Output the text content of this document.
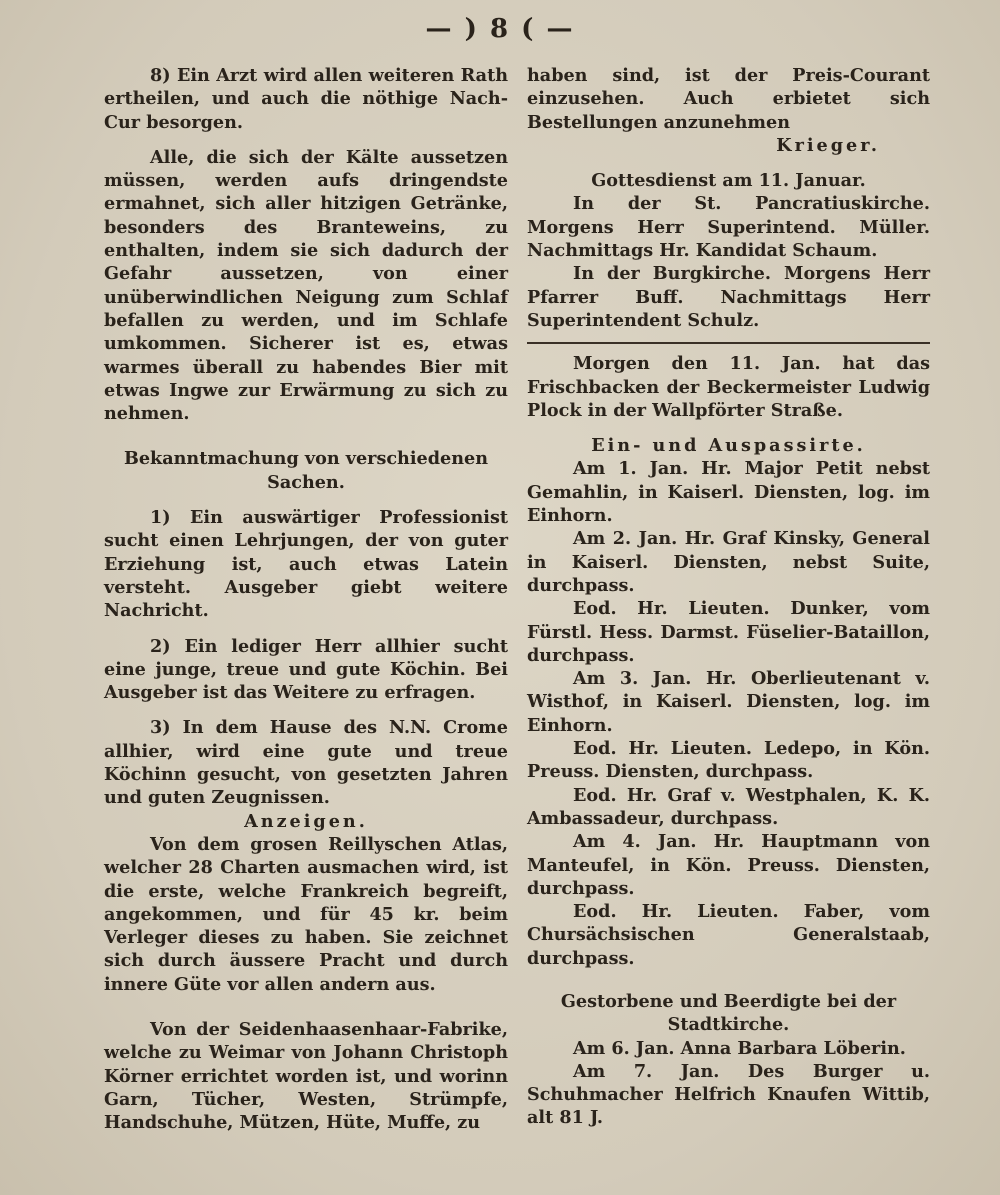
— ) 8 ( —

8) Ein Arzt wird allen weiteren Rath ertheilen, und auch die nöthige Nach-Cur besorgen.

Alle, die sich der Kälte aussetzen müssen, werden aufs dringendste ermahnet, sich aller hitzigen Getränke, besonders des Branteweins, zu enthalten, indem sie sich dadurch der Gefahr aussetzen, von einer unüberwindlichen Neigung zum Schlaf befallen zu werden, und im Schlafe umkommen. Sicherer ist es, etwas warmes überall zu habendes Bier mit etwas Ingwe zur Erwärmung zu sich zu nehmen.

Bekanntmachung von verschiedenen

Sachen.

1) Ein auswärtiger Professionist sucht einen Lehrjungen, der von guter Erziehung ist, auch etwas Latein versteht. Ausgeber giebt weitere Nachricht.

2) Ein lediger Herr allhier sucht eine junge, treue und gute Köchin. Bei Ausgeber ist das Weitere zu erfragen.

3) In dem Hause des N.N. Crome allhier, wird eine gute und treue Köchinn gesucht, von gesetzten Jahren und guten Zeugnissen.

Anzeigen.

Von dem grosen Reillyschen Atlas, welcher 28 Charten ausmachen wird, ist die erste, welche Frankreich begreift, angekommen, und für 45 kr. beim Verleger dieses zu haben. Sie zeichnet sich durch äussere Pracht und durch innere Güte vor allen andern aus.

Von der Seidenhaasenhaar-Fabrike, welche zu Weimar von Johann Christoph Körner errichtet worden ist, und worinn Garn, Tücher, Westen, Strümpfe, Handschuhe, Mützen, Hüte, Muffe, zu

haben sind, ist der Preis-Courant einzusehen. Auch erbietet sich Bestellungen anzunehmen

Krieger.

Gottesdienst am 11. Januar.

In der St. Pancratiuskirche. Morgens Herr Superintend. Müller. Nachmittags Hr. Kandidat Schaum.

In der Burgkirche. Morgens Herr Pfarrer Buff. Nachmittags Herr Superintendent Schulz.

Morgen den 11. Jan. hat das Frischbacken der Beckermeister Ludwig Plock in der Wallpförter Straße.

Ein- und Auspassirte.

Am 1. Jan. Hr. Major Petit nebst Gemahlin, in Kaiserl. Diensten, log. im Einhorn.

Am 2. Jan. Hr. Graf Kinsky, General in Kaiserl. Diensten, nebst Suite, durchpass.

Eod. Hr. Lieuten. Dunker, vom Fürstl. Hess. Darmst. Füselier-Bataillon, durchpass.

Am 3. Jan. Hr. Oberlieutenant v. Wisthof, in Kaiserl. Diensten, log. im Einhorn.

Eod. Hr. Lieuten. Ledepo, in Kön. Preuss. Diensten, durchpass.

Eod. Hr. Graf v. Westphalen, K. K. Ambassadeur, durchpass.

Am 4. Jan. Hr. Hauptmann von Manteufel, in Kön. Preuss. Diensten, durchpass.

Eod. Hr. Lieuten. Faber, vom Chursächsischen Generalstaab, durchpass.

Gestorbene und Beerdigte bei der

Stadtkirche.

Am 6. Jan. Anna Barbara Löberin.

Am 7. Jan. Des Burger u. Schuhmacher Helfrich Knaufen Wittib, alt 81 J.
